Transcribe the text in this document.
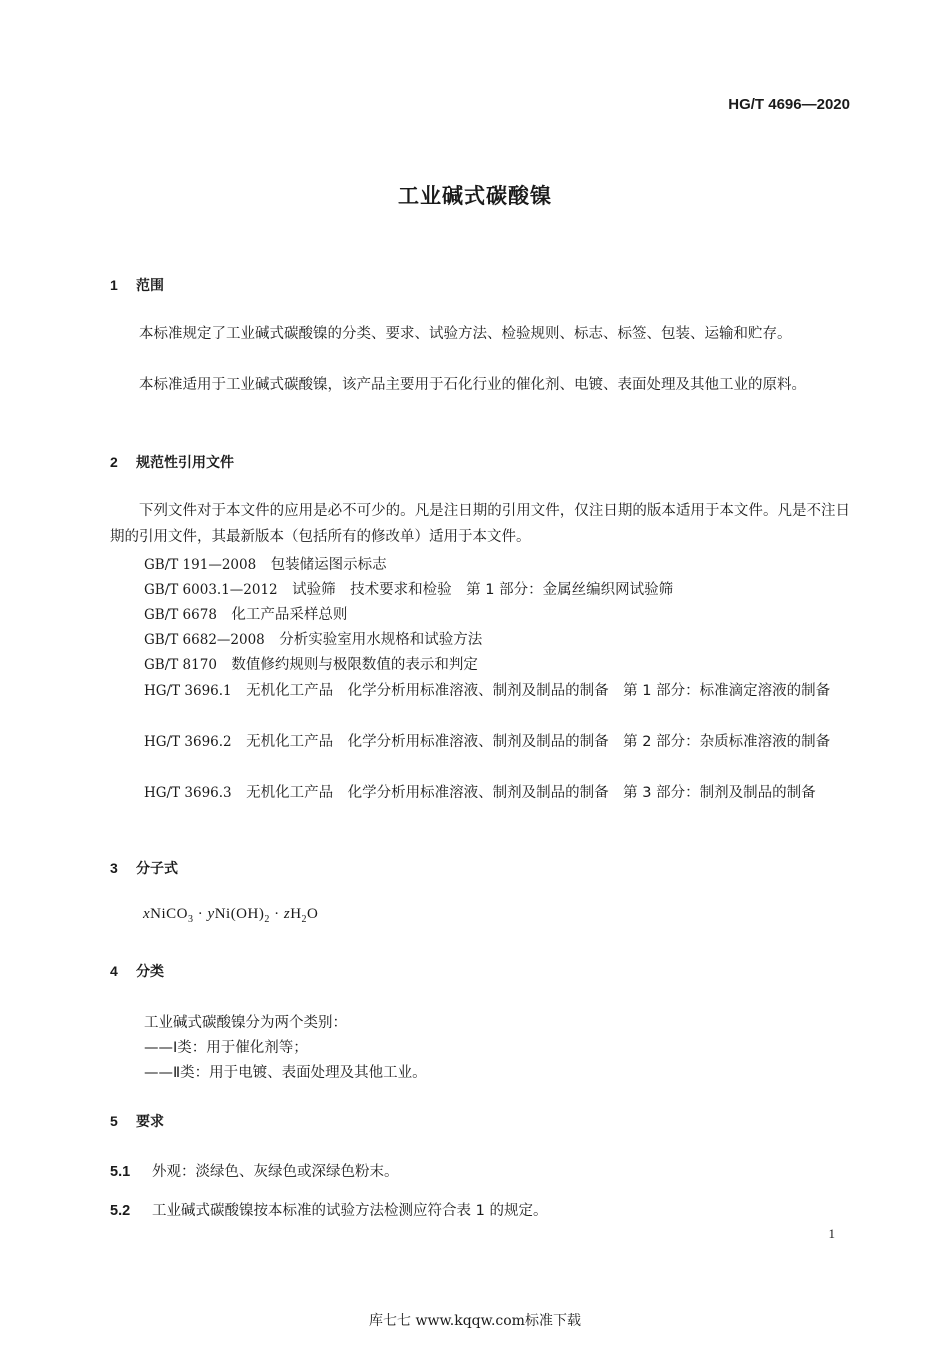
HG/T 4696—2020
工业碱式碳酸镍
1 范围
本标准规定了工业碱式碳酸镍的分类、要求、试验方法、检验规则、标志、标签、包装、运输和贮存。
本标准适用于工业碱式碳酸镍，该产品主要用于石化行业的催化剂、电镀、表面处理及其他工业的原料。
2 规范性引用文件
下列文件对于本文件的应用是必不可少的。凡是注日期的引用文件，仅注日期的版本适用于本文件。凡是不注日期的引用文件，其最新版本（包括所有的修改单）适用于本文件。
GB/T 191—2008　 包装储运图示标志
GB/T 6003.1—2012　 试验筛　技术要求和检验　第 1 部分：金属丝编织网试验筛
GB/T 6678　 化工产品采样总则
GB/T 6682—2008　 分析实验室用水规格和试验方法
GB/T 8170　 数值修约规则与极限数值的表示和判定
HG/T 3696.1　 无机化工产品　化学分析用标准溶液、制剂及制品的制备　第 1 部分：标准滴定溶液的制备
HG/T 3696.2　 无机化工产品　化学分析用标准溶液、制剂及制品的制备　第 2 部分：杂质标准溶液的制备
HG/T 3696.3　 无机化工产品　化学分析用标准溶液、制剂及制品的制备　第 3 部分：制剂及制品的制备
3 分子式
xNiCO$_3$ · $yNi(OH)_2 \cdot zH_2O$
4 分类
工业碱式碳酸镍分为两个类别：
——Ⅰ类：用于催化剂等；
——Ⅱ类：用于电镀、表面处理及其他工业。
5 要求
5.1 外观：淡绿色、灰绿色或深绿色粉末。
5.2 工业碱式碳酸镍按本标准的试验方法检测应符合表 1 的规定。
1
库七七 www.kqqw.com标准下载
